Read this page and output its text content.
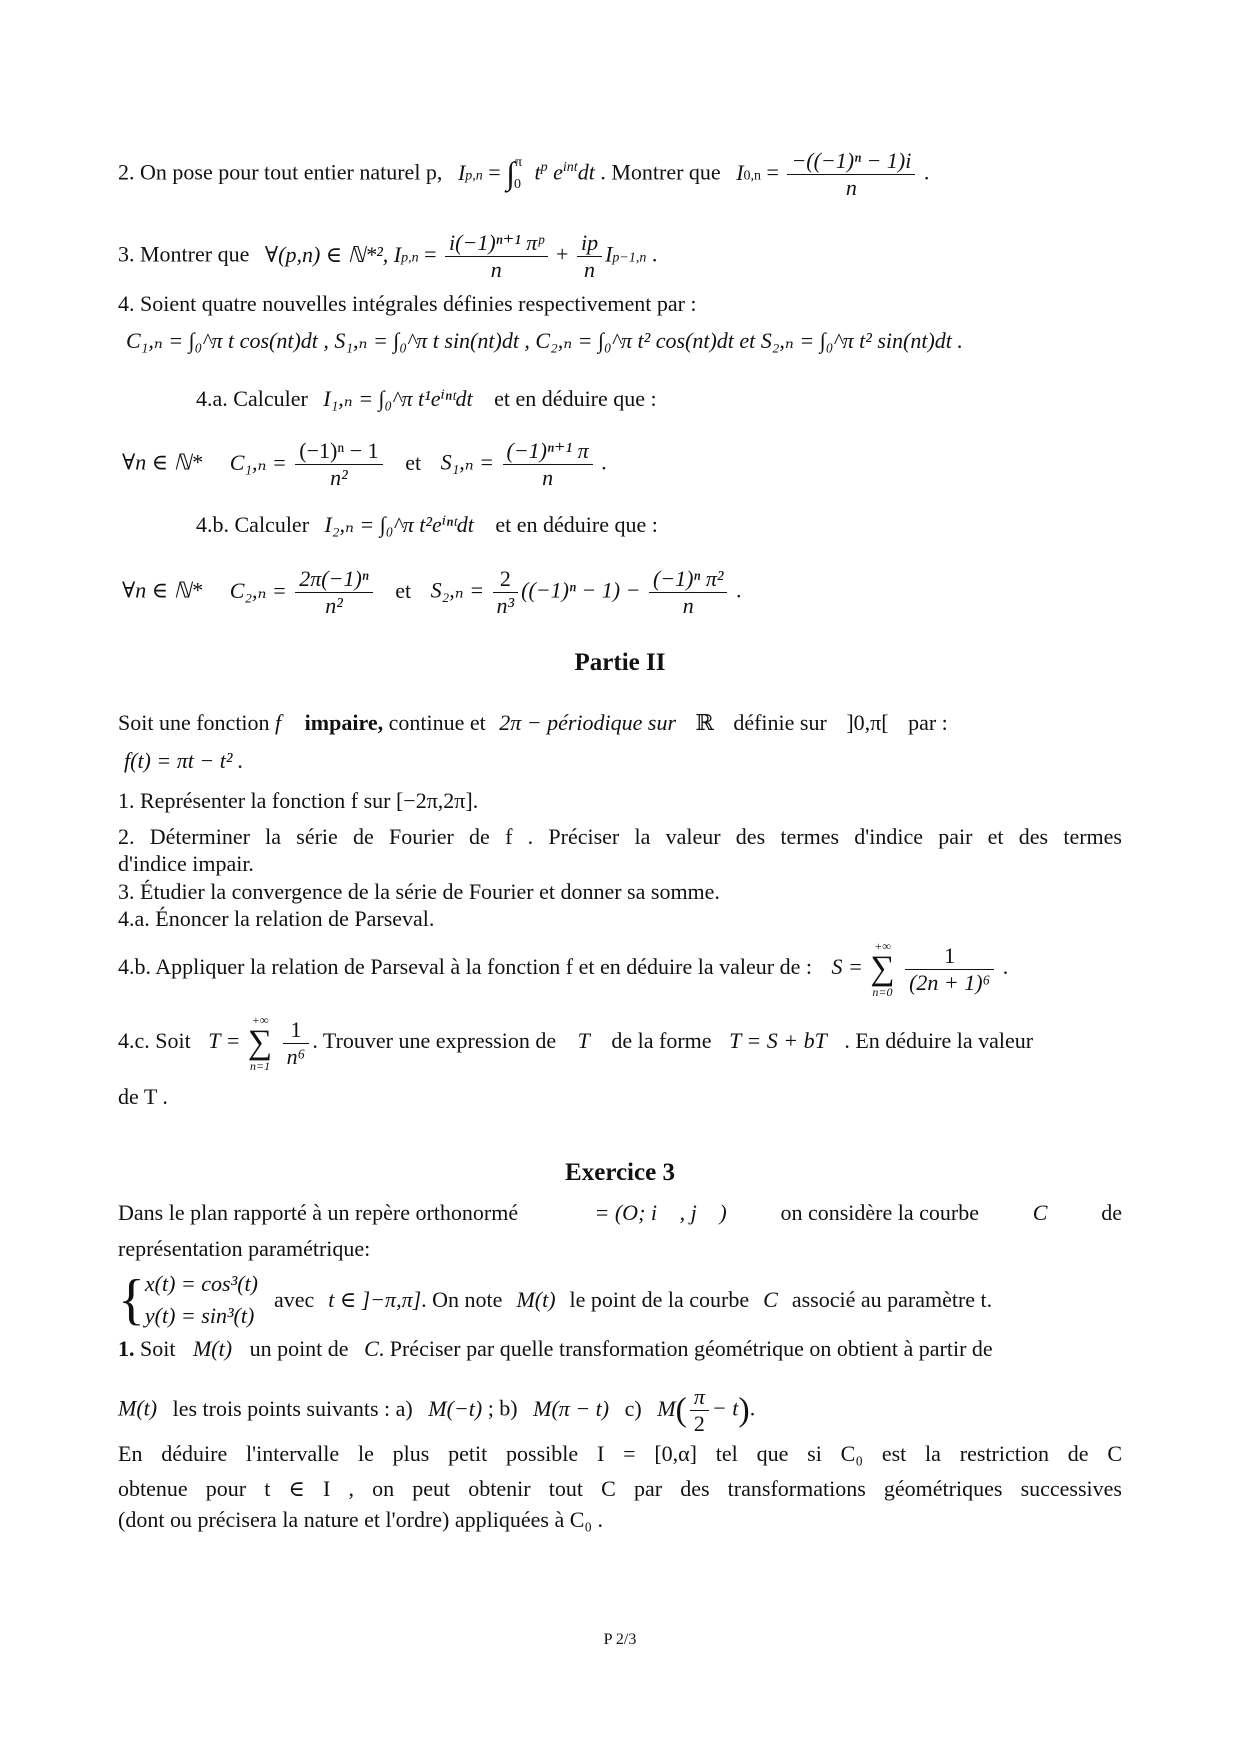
2. On pose pour tout entier naturel p, Ip,n = ∫$^\pi_0$ $t^p$ $e^{int}dt$ . Montrer que $I0,n = \frac{\text{−((−1)ⁿ − 1)i}}{n}$ .
3. Montrer que ∀(p,n) ∈ ℕ*², $Ip,n = \frac{\text{i(−1)ⁿ⁺¹ πᵖ}}{n} + \frac{ip}{n} Ip-1,n$ .
4. Soient quatre nouvelles intégrales définies respectivement par :
C₁,ₙ = ∫₀^π t cos(nt)dt , S₁,ₙ = ∫₀^π t sin(nt)dt , C₂,ₙ = ∫₀^π t² cos(nt)dt et S₂,ₙ = ∫₀^π t² sin(nt)dt .
4.a. Calculer I₁,ₙ = ∫₀^π t¹eⁱⁿᵗdt et en déduire que :
∀n ∈ ℕ* $C_1,_n = \frac{\text{(−1)ⁿ − 1}}{\text{n²}}$ et $S_1,_n = \frac{\text{(−1)ⁿ⁺¹ π}}{n}$ .
4.b. Calculer I₂,ₙ = ∫₀^π t²eⁱⁿᵗdt et en déduire que :
∀n ∈ ℕ* $C_2,_n = \frac{\text{2π(−1)ⁿ}}{\text{n²}}$ et $S_2,_n = \frac{2}{\text{n³}} ((-1)^n - 1) - \frac{\text{(−1)ⁿ π²}}{n}$ .
Partie II
Soit une fonction f impaire, continue et 2π − périodique sur ℝ définie sur ]0,π[ par :
f(t) = πt − t² .
1. Représenter la fonction f sur [−2π,2π].
2. Déterminer la série de Fourier de f . Préciser la valeur des termes d'indice pair et des termes
d'indice impair.
3. Étudier la convergence de la série de Fourier et donner sa somme.
4.a. Énoncer la relation de Parseval.
4.b. Appliquer la relation de Parseval à la fonction f et en déduire la valeur de : S =
+∞
∑
n=0
$\frac{1}{\text{(2n + 1)⁶}}$ .
4.c. Soit T =
+∞
∑
n=1
$\frac{1}{\text{n⁶}}$ . Trouver une expression de T de la forme T = S + bT . En déduire la valeur
de T .
Exercice 3
Dans le plan rapporté à un repère orthonormé ℛ = (O; i⃗ , j⃗ ) on considère la courbe C de
représentation paramétrique:
{ x(t) = cos³(t)
y(t) = sin³(t)
avec t ∈ ]−π,π] . On note M(t) le point de la courbe C associé au paramètre t.
1. Soit M(t) un point de C. Préciser par quelle transformation géométrique on obtient à partir de
M(t) les trois points suivants : a) M(−t) ; b) M(π − t) c) $M( \frac{\pi}{2} - t)$.
En déduire l'intervalle le plus petit possible I = [0,α] tel que si C₀ est la restriction de C
obtenue pour t ∈ I , on peut obtenir tout C par des transformations géométriques successives
(dont ou précisera la nature et l'ordre) appliquées à C₀ .
P 2/3
